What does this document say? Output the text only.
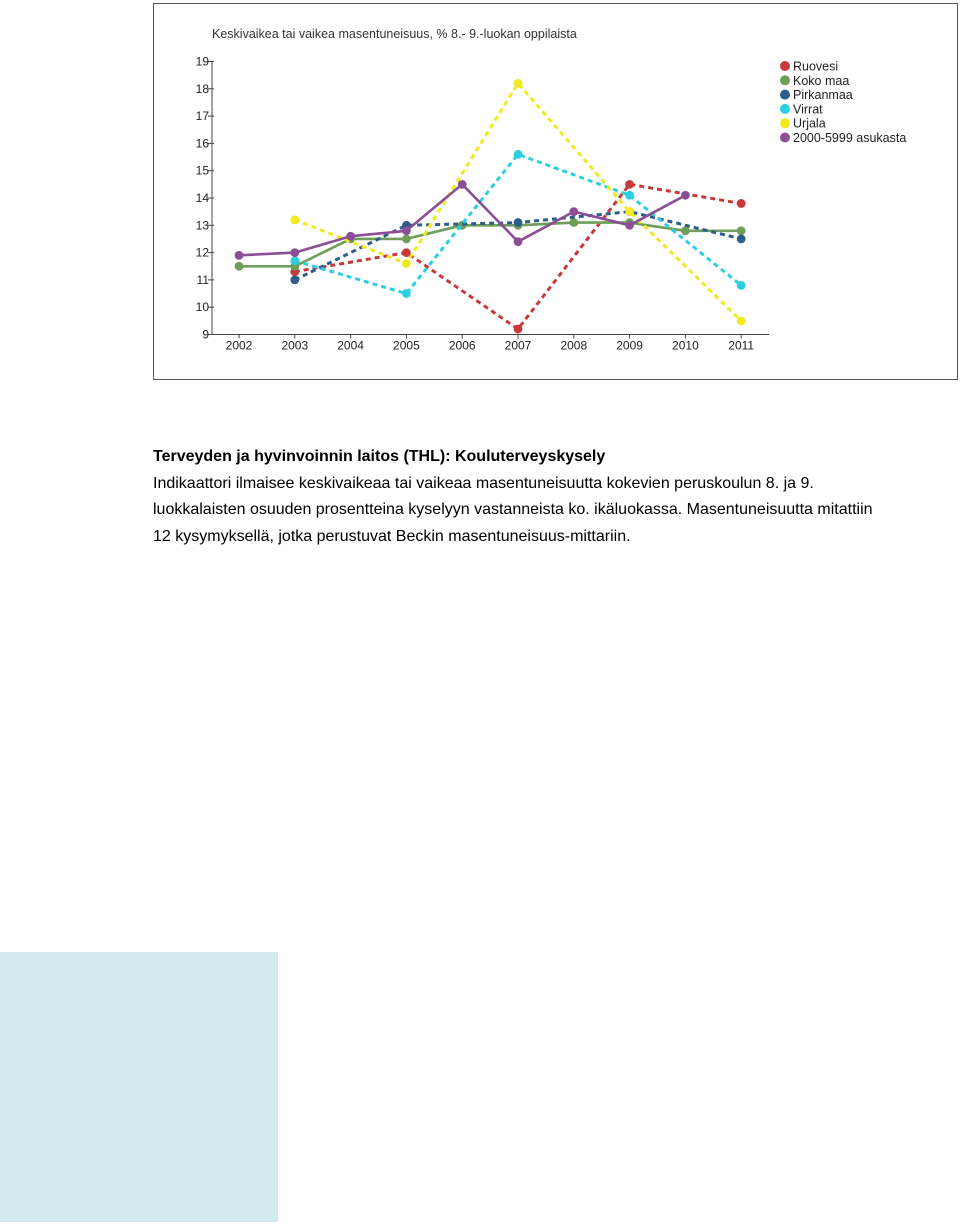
Keskivaikea tai vaikea masentuneisuus, % 8.- 9.-luokan oppilaista
9
10
11
12
13
14
15
16
17
18
19
2002 2003 2004 2005 2006 2007 2008 2009 2010 2011
Ruovesi
Koko maa
Pirkanmaa
Virrat
Urjala
2000-5999 asukasta
Terveyden ja hyvinvoinnin laitos (THL): Kouluterveyskysely
Indikaattori ilmaisee keskivaikeaa tai vaikeaa masentuneisuutta kokevien peruskoulun 8. ja 9. luokkalaisten osuuden prosentteina kyselyyn vastanneista ko. ikäluokassa. Masentuneisuutta mitattiin 12 kysymyksellä, jotka perustuvat Beckin masentuneisuus-mittariin.
